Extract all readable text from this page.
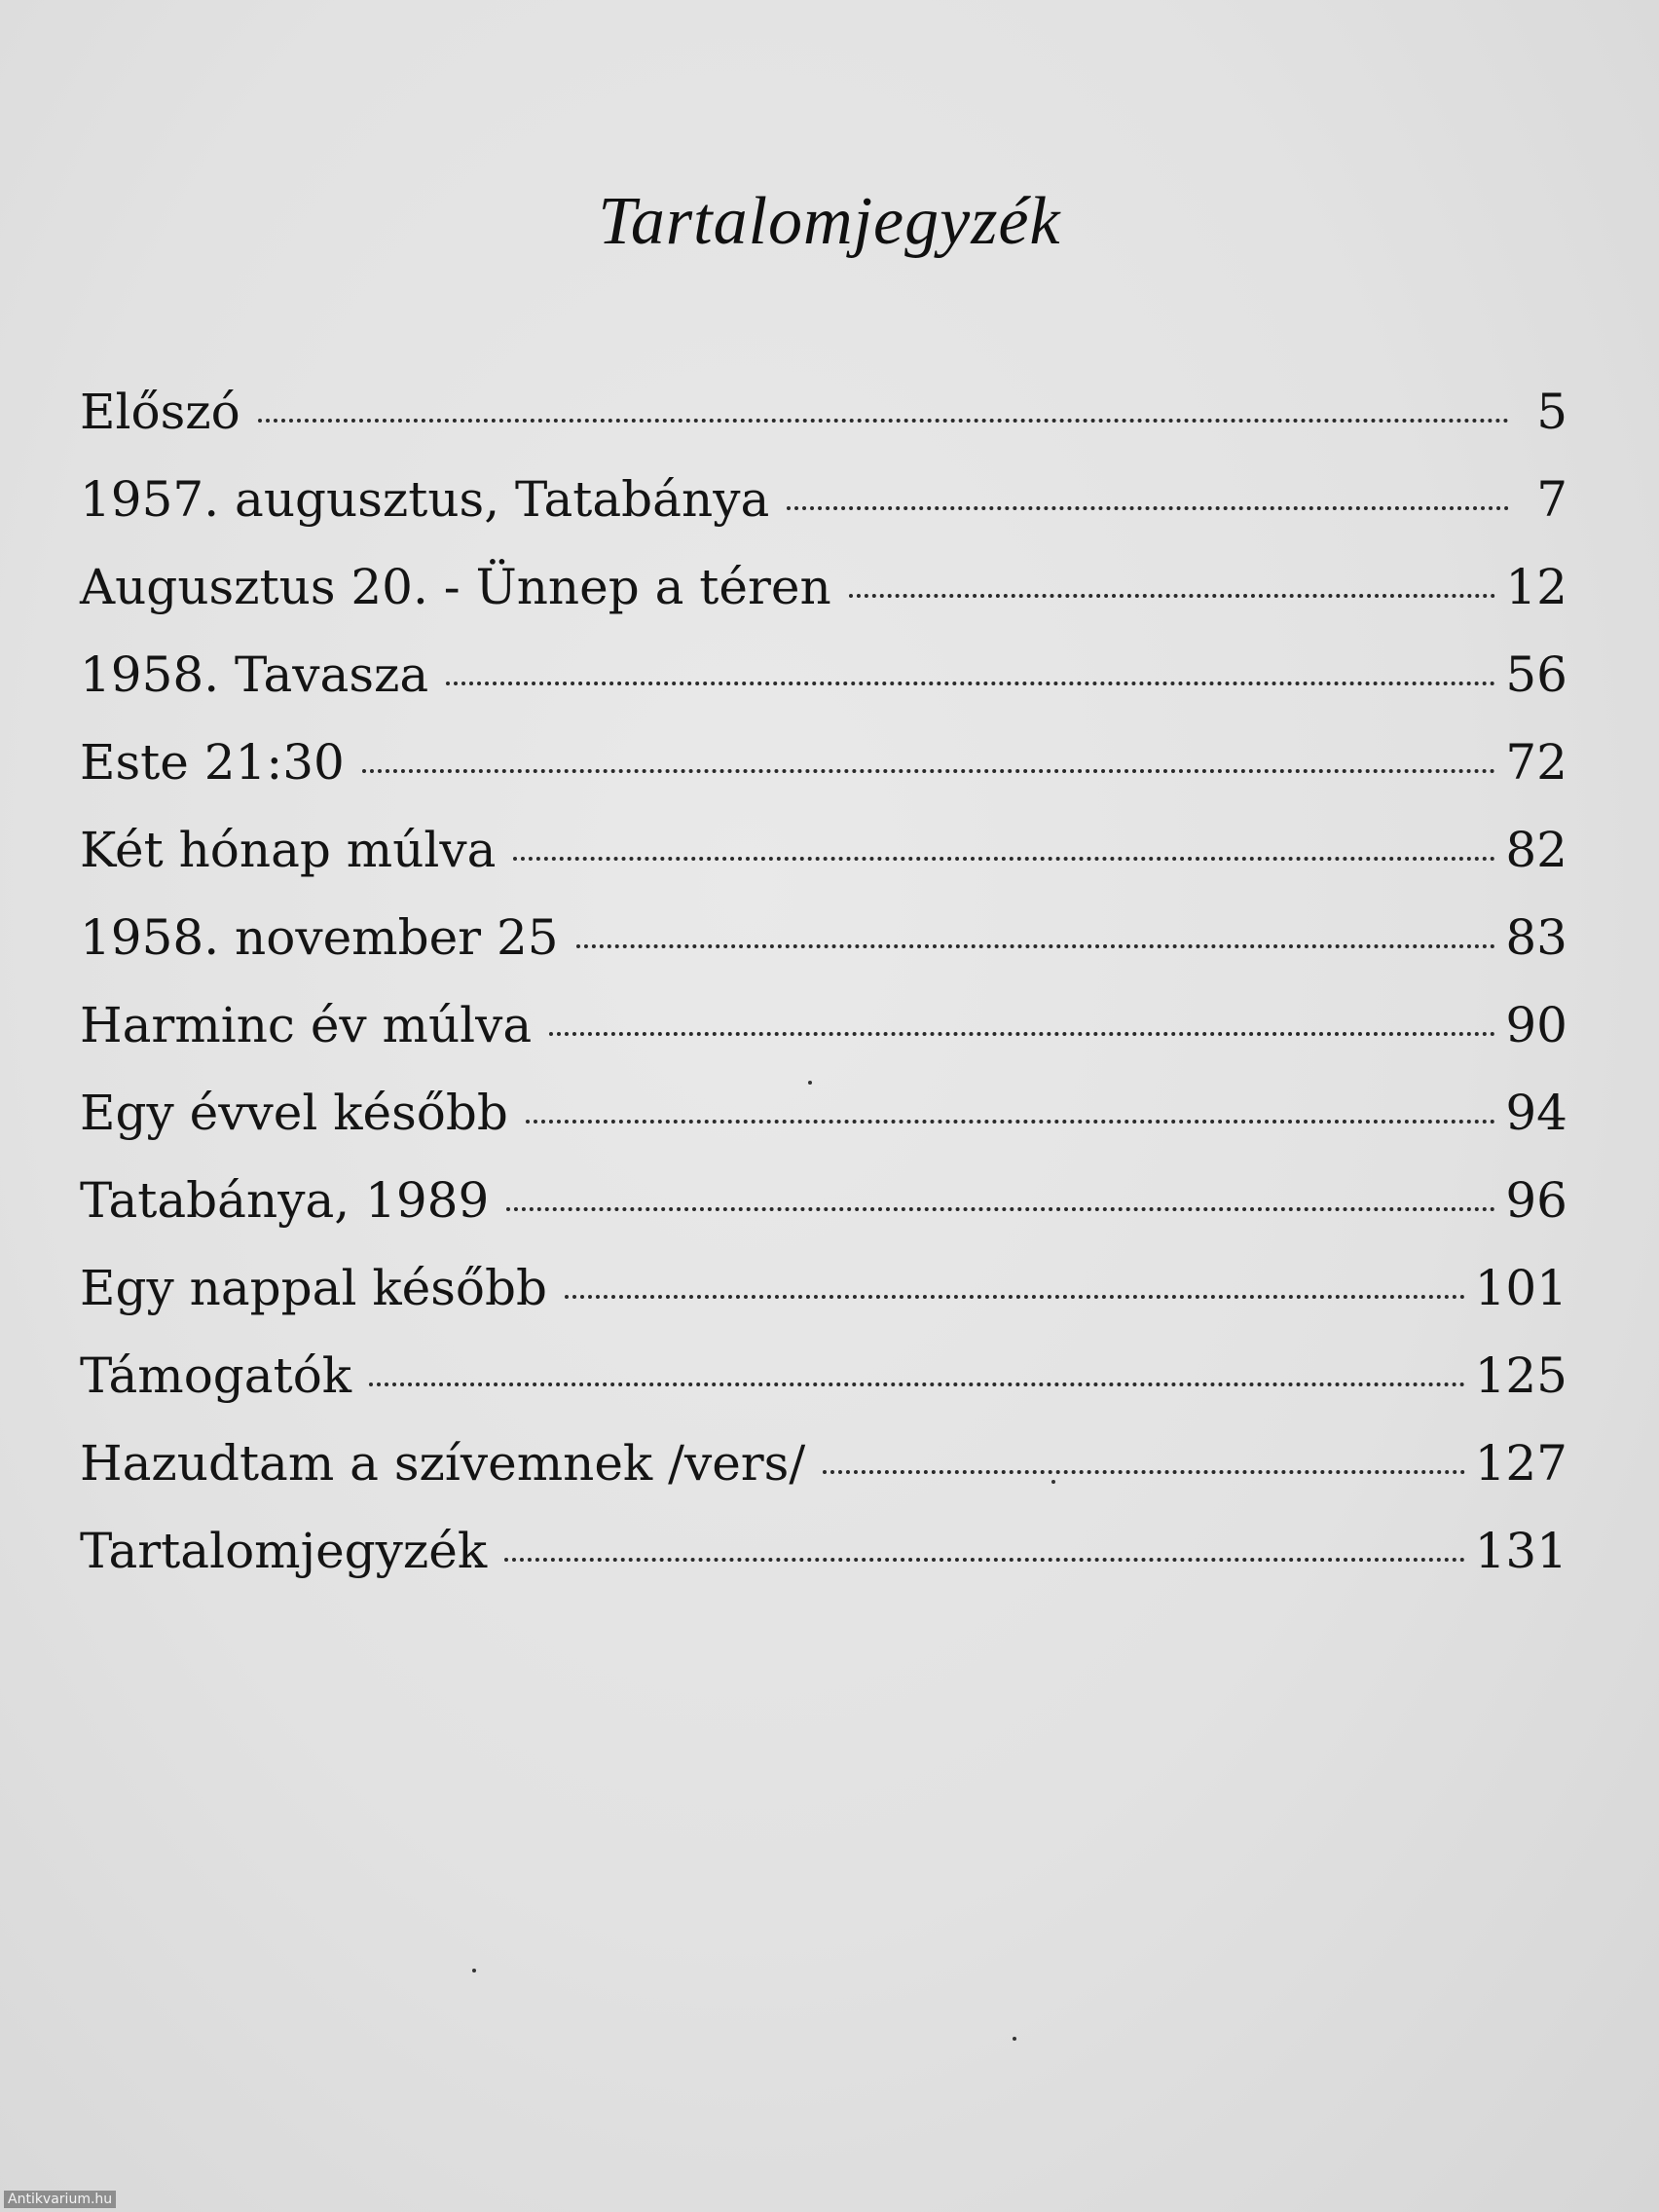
Tartalomjegyzék
Előszó	5
1957. augusztus, Tatabánya	7
Augusztus 20. - Ünnep a téren	12
1958. Tavasza	56
Este 21:30	72
Két hónap múlva	82
1958. november 25	83
Harminc év múlva	90
Egy évvel később	94
Tatabánya, 1989	96
Egy nappal később	101
Támogatók	125
Hazudtam a szívemnek /vers/	127
Tartalomjegyzék	131
Antikvarium.hu
